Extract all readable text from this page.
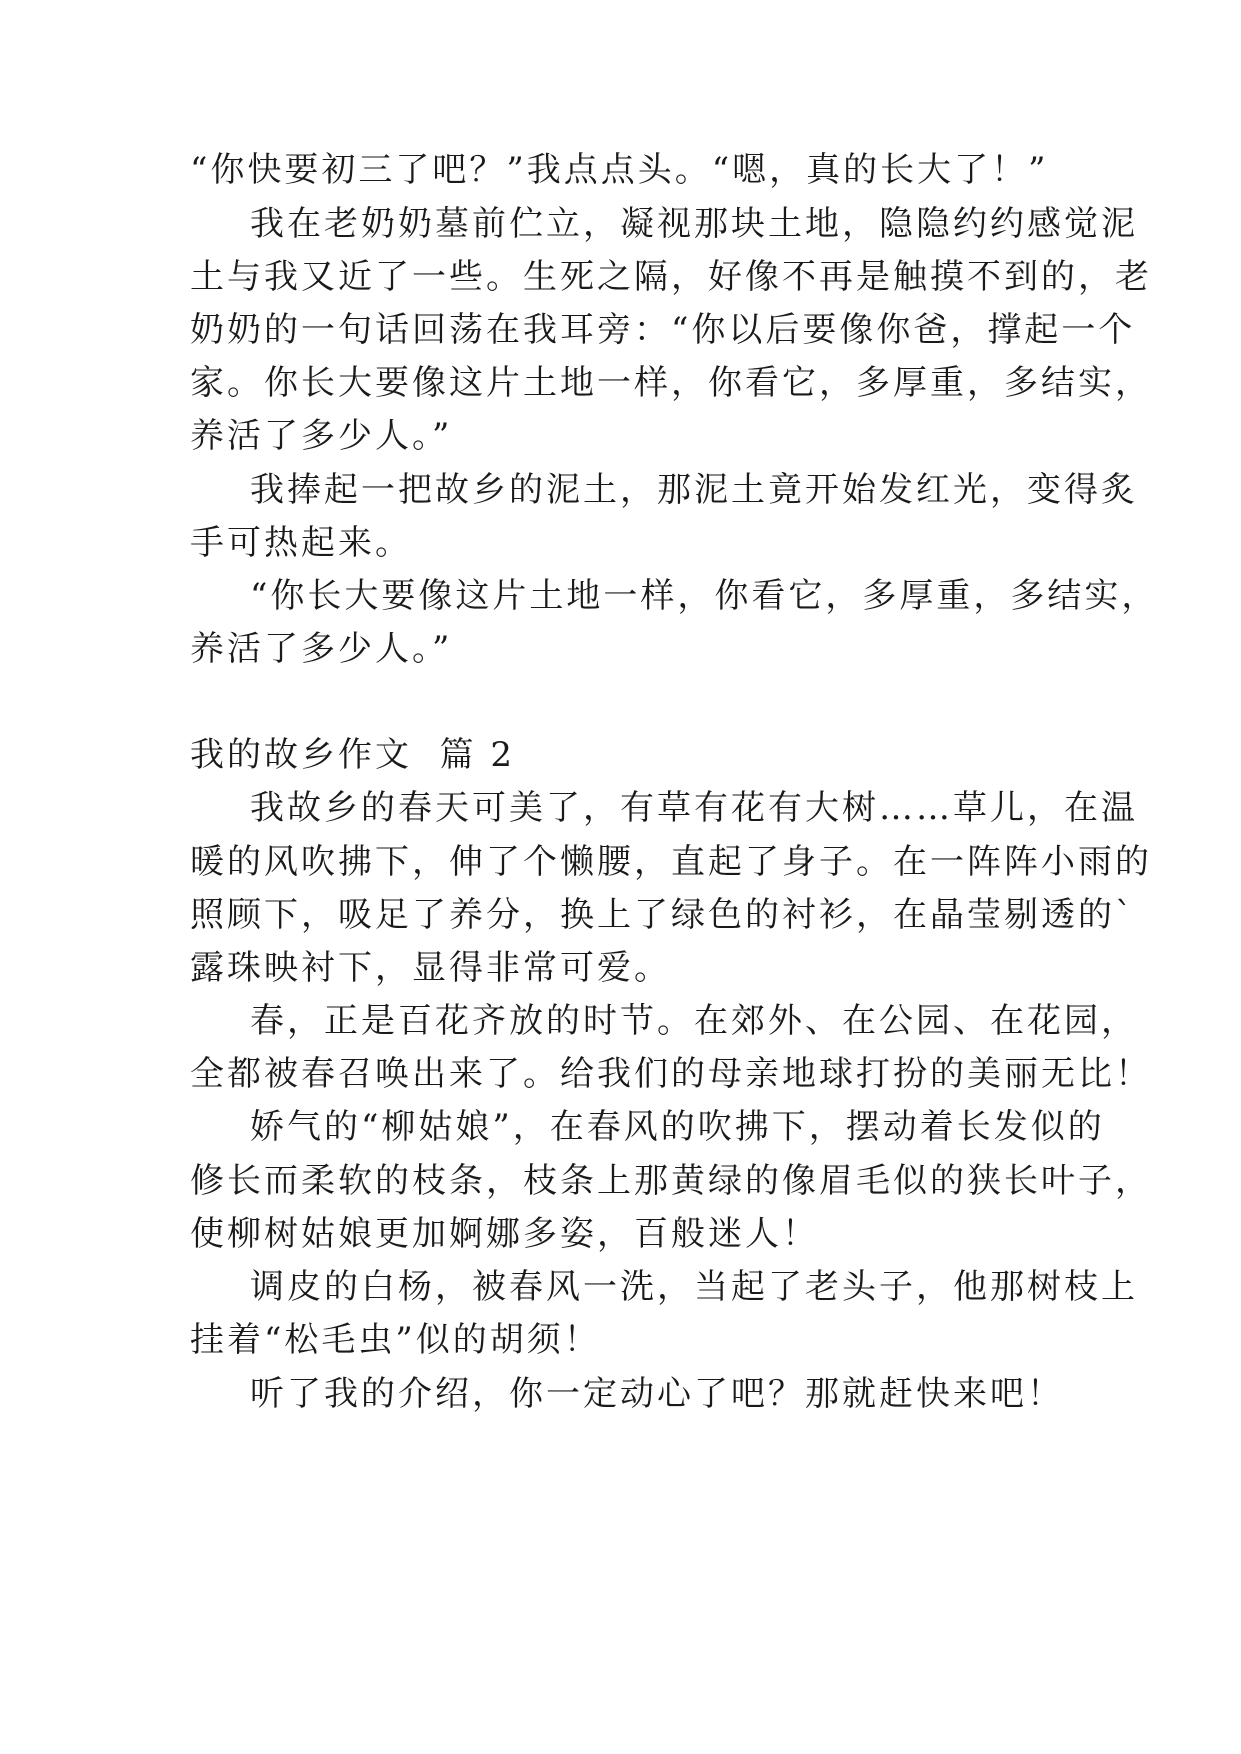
“你快要初三了吧？”我点点头。“嗯，真的长大了！”
我在老奶奶墓前伫立，凝视那块土地，隐隐约约感觉泥
土与我又近了一些。生死之隔，好像不再是触摸不到的，老
奶奶的一句话回荡在我耳旁：“你以后要像你爸，撑起一个
家。你长大要像这片土地一样，你看它，多厚重，多结实，
养活了多少人。”
我捧起一把故乡的泥土，那泥土竟开始发红光，变得炙
手可热起来。
“你长大要像这片土地一样，你看它，多厚重，多结实，
养活了多少人。”
我的故乡作文  篇 2
我故乡的春天可美了，有草有花有大树……草儿，在温
暖的风吹拂下，伸了个懒腰，直起了身子。在一阵阵小雨的
照顾下，吸足了养分，换上了绿色的衬衫，在晶莹剔透的`
露珠映衬下，显得非常可爱。
春，正是百花齐放的时节。在郊外、在公园、在花园，
全都被春召唤出来了。给我们的母亲地球打扮的美丽无比！
娇气的“柳姑娘”，在春风的吹拂下，摆动着长发似的
修长而柔软的枝条，枝条上那黄绿的像眉毛似的狭长叶子，
使柳树姑娘更加婀娜多姿，百般迷人！
调皮的白杨，被春风一洗，当起了老头子，他那树枝上
挂着“松毛虫”似的胡须！
听了我的介绍，你一定动心了吧？那就赶快来吧！
